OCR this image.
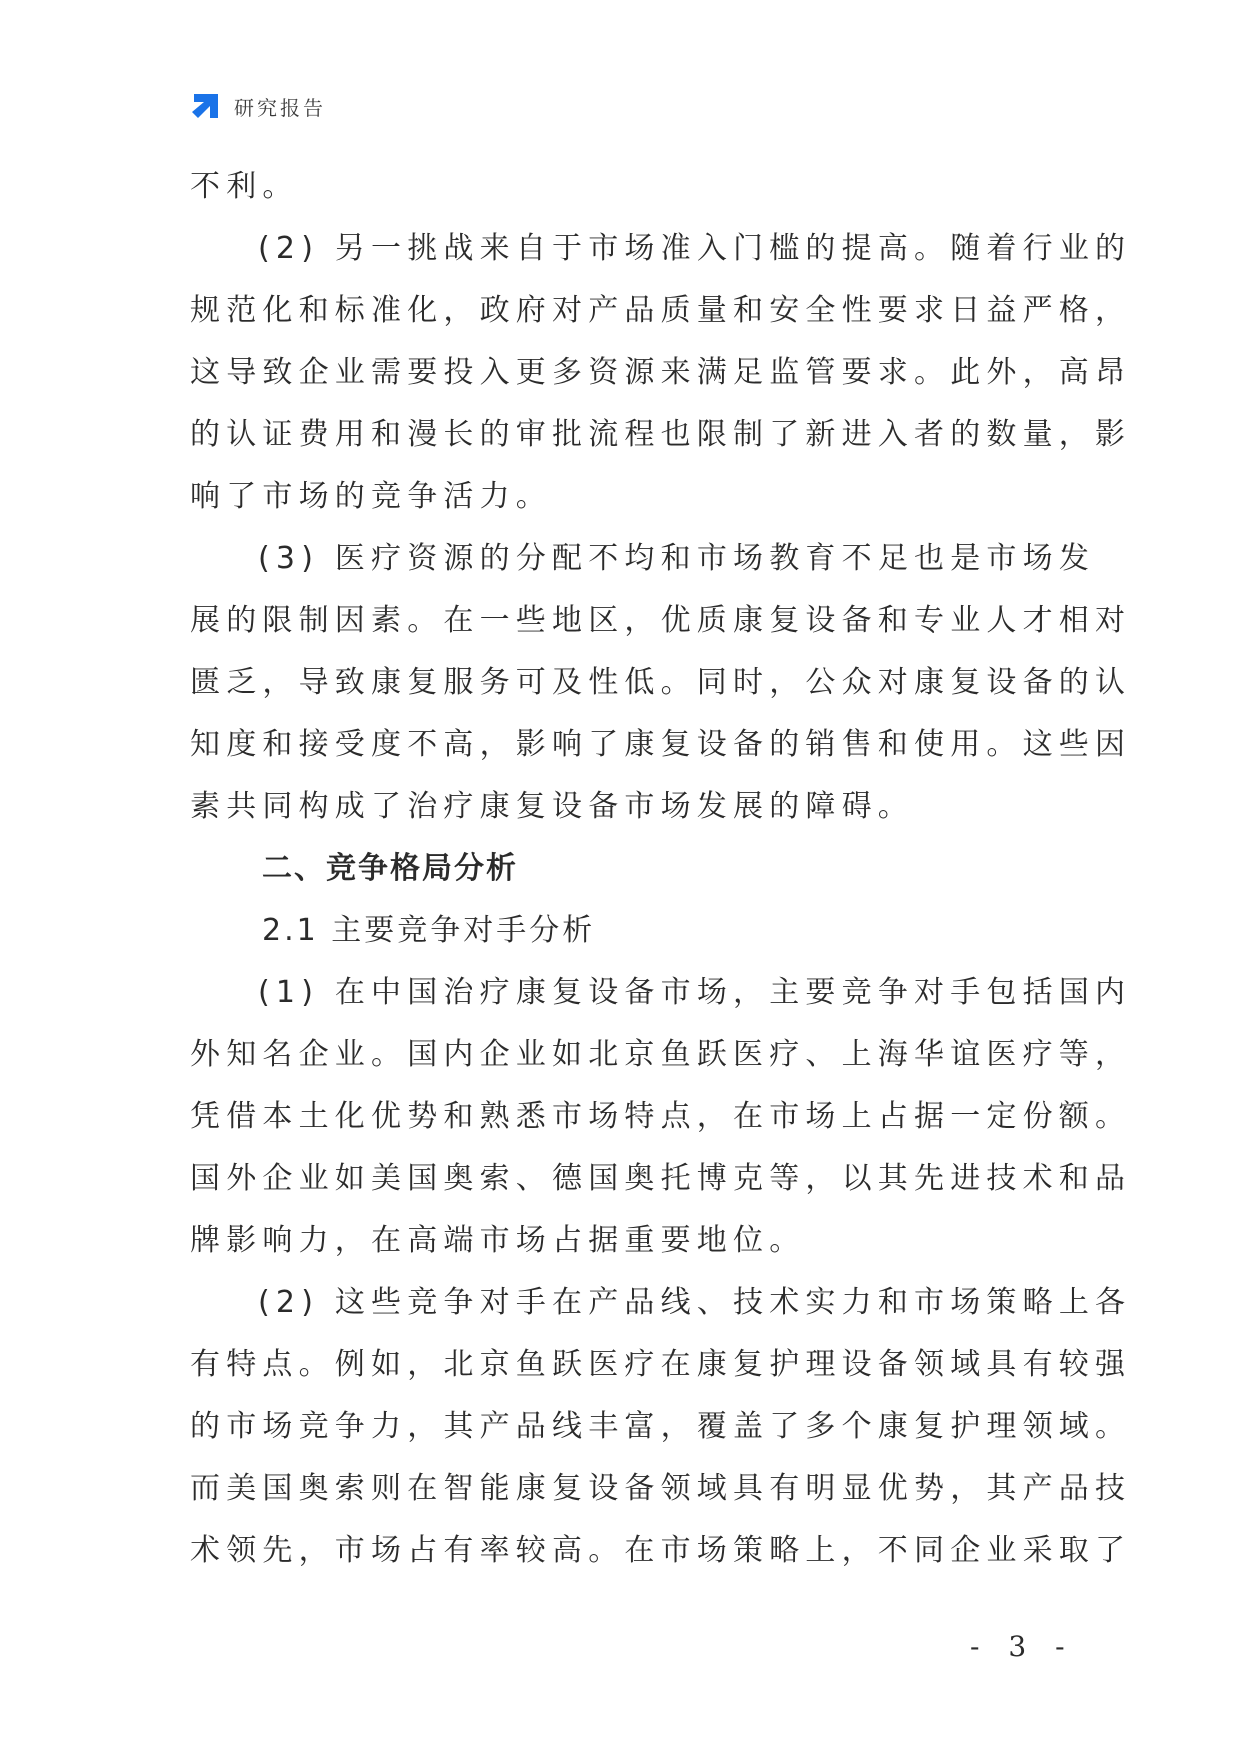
研究报告
不利。
(2) 另一挑战来自于市场准入门槛的提高。随着行业的
规范化和标准化，政府对产品质量和安全性要求日益严格，
这导致企业需要投入更多资源来满足监管要求。此外，高昂
的认证费用和漫长的审批流程也限制了新进入者的数量，影
响了市场的竞争活力。
(3) 医疗资源的分配不均和市场教育不足也是市场发
展的限制因素。在一些地区，优质康复设备和专业人才相对
匮乏，导致康复服务可及性低。同时，公众对康复设备的认
知度和接受度不高，影响了康复设备的销售和使用。这些因
素共同构成了治疗康复设备市场发展的障碍。
二、竞争格局分析
2.1 主要竞争对手分析
(1) 在中国治疗康复设备市场，主要竞争对手包括国内
外知名企业。国内企业如北京鱼跃医疗、上海华谊医疗等，
凭借本土化优势和熟悉市场特点，在市场上占据一定份额。
国外企业如美国奥索、德国奥托博克等，以其先进技术和品
牌影响力，在高端市场占据重要地位。
(2) 这些竞争对手在产品线、技术实力和市场策略上各
有特点。例如，北京鱼跃医疗在康复护理设备领域具有较强
的市场竞争力，其产品线丰富，覆盖了多个康复护理领域。
而美国奥索则在智能康复设备领域具有明显优势，其产品技
术领先，市场占有率较高。在市场策略上，不同企业采取了
- 3 -
